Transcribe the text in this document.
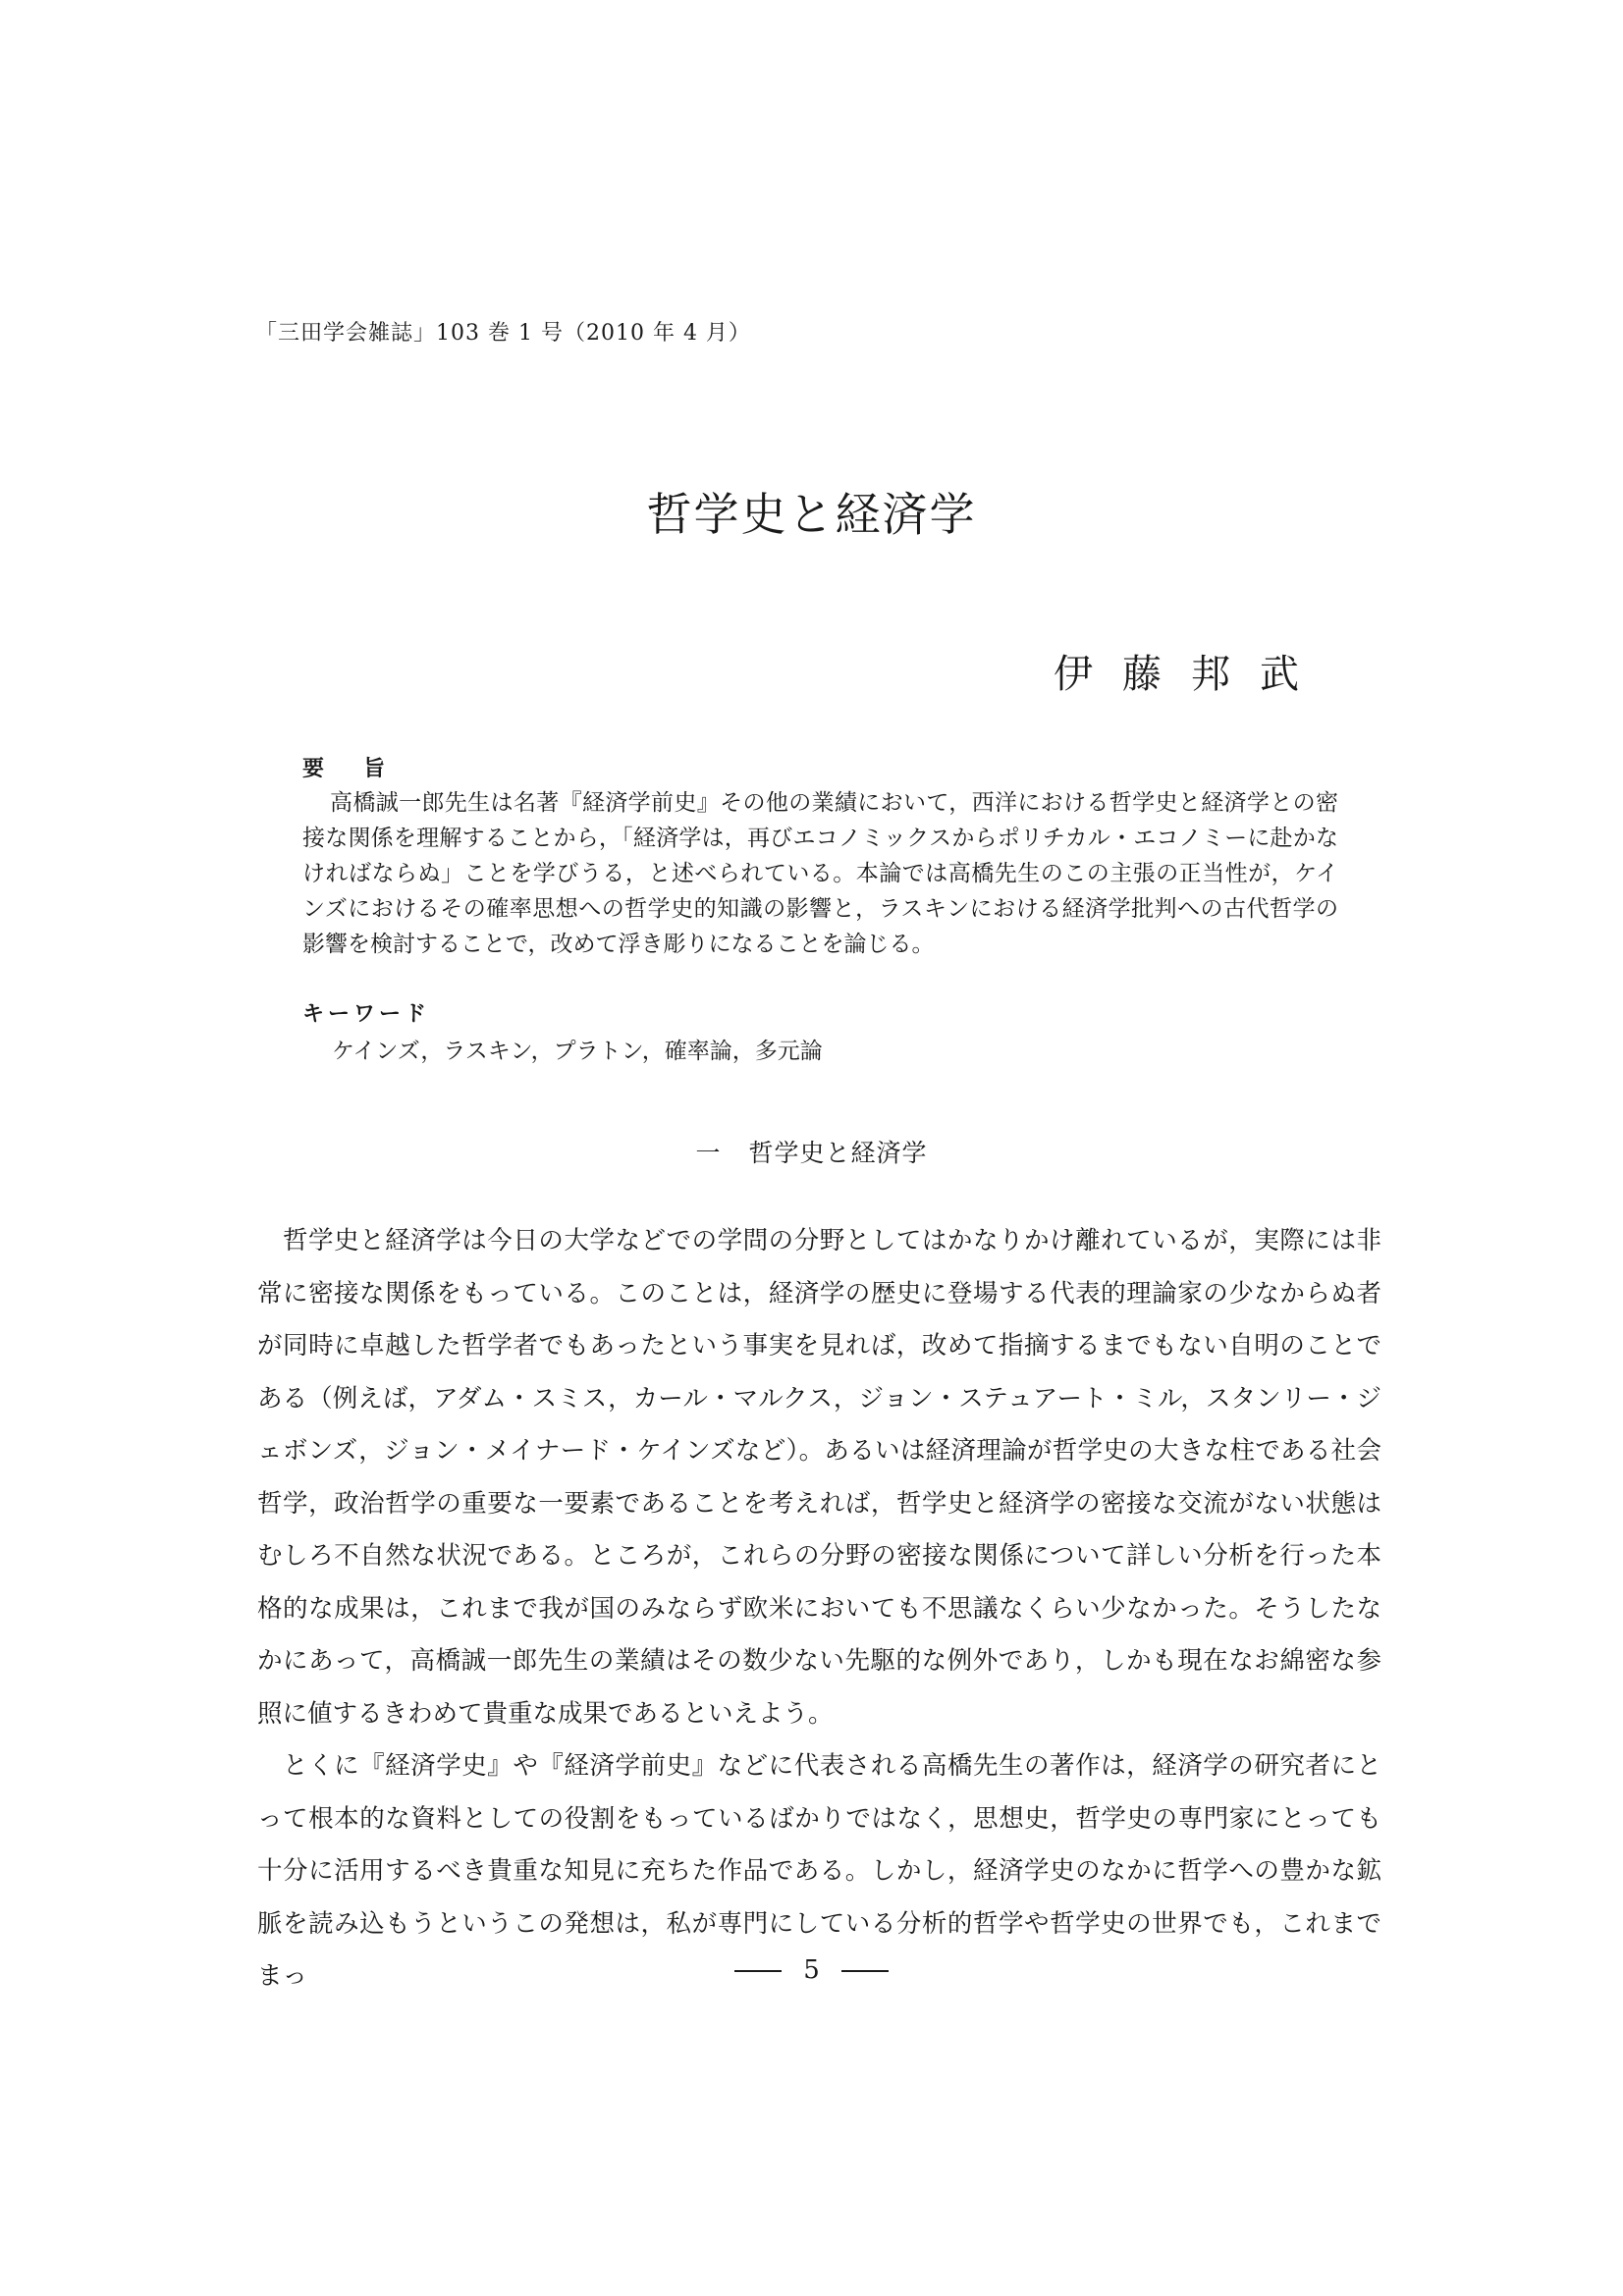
「三田学会雑誌」103 巻 1 号（2010 年 4 月）
哲学史と経済学
伊藤邦武
要旨
高橋誠一郎先生は名著『経済学前史』その他の業績において，西洋における哲学史と経済学との密接な関係を理解することから，「経済学は，再びエコノミックスからポリチカル・エコノミーに赴かなければならぬ」ことを学びうる，と述べられている。本論では高橋先生のこの主張の正当性が，ケインズにおけるその確率思想への哲学史的知識の影響と，ラスキンにおける経済学批判への古代哲学の影響を検討することで，改めて浮き彫りになることを論じる。
キーワード
ケインズ，ラスキン，プラトン，確率論，多元論
一 哲学史と経済学

哲学史と経済学は今日の大学などでの学問の分野としてはかなりかけ離れているが，実際には非常に密接な関係をもっている。このことは，経済学の歴史に登場する代表的理論家の少なからぬ者が同時に卓越した哲学者でもあったという事実を見れば，改めて指摘するまでもない自明のことである（例えば，アダム・スミス，カール・マルクス，ジョン・ステュアート・ミル，スタンリー・ジェボンズ，ジョン・メイナード・ケインズなど）。あるいは経済理論が哲学史の大きな柱である社会哲学，政治哲学の重要な一要素であることを考えれば，哲学史と経済学の密接な交流がない状態はむしろ不自然な状況である。ところが，これらの分野の密接な関係について詳しい分析を行った本格的な成果は，これまで我が国のみならず欧米においても不思議なくらい少なかった。そうしたなかにあって，高橋誠一郎先生の業績はその数少ない先駆的な例外であり，しかも現在なお綿密な参照に値するきわめて貴重な成果であるといえよう。

とくに『経済学史』や『経済学前史』などに代表される高橋先生の著作は，経済学の研究者にとって根本的な資料としての役割をもっているばかりではなく，思想史，哲学史の専門家にとっても十分に活用するべき貴重な知見に充ちた作品である。しかし，経済学史のなかに哲学への豊かな鉱脈を読み込もうというこの発想は，私が専門にしている分析的哲学や哲学史の世界でも，これまでまっ	5
